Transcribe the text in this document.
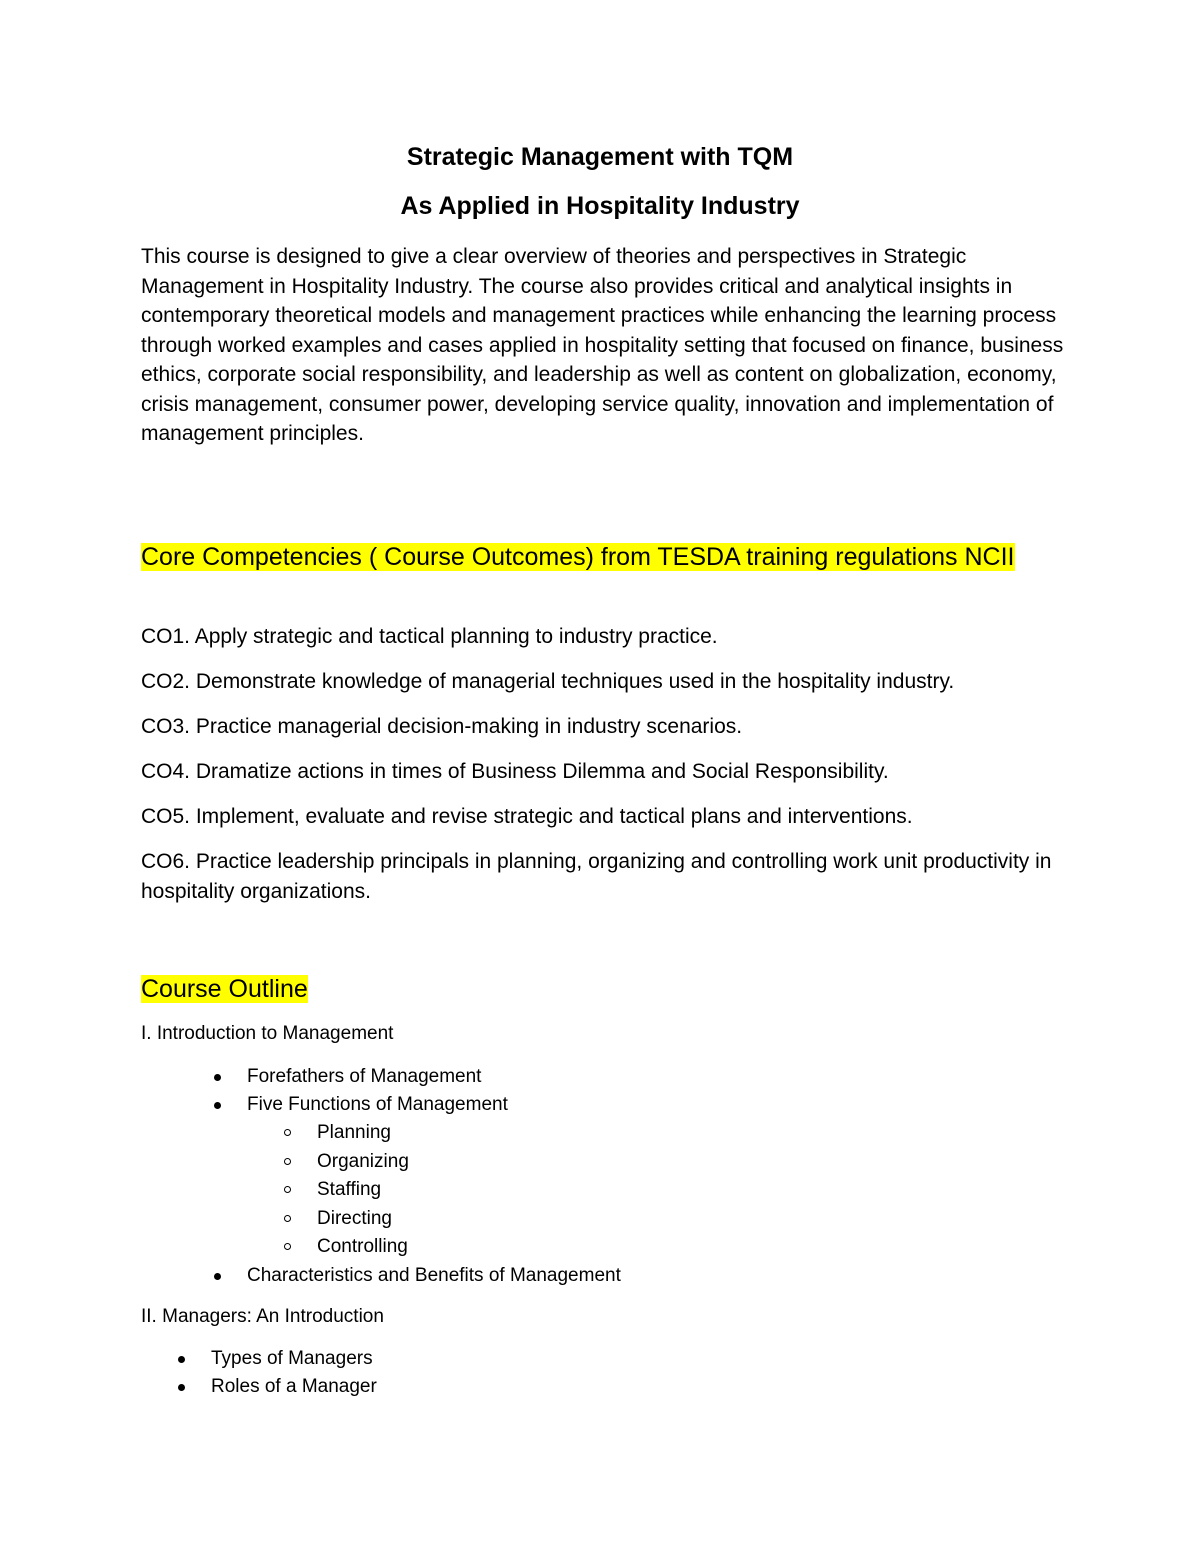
Strategic Management with TQM
As Applied in Hospitality Industry

This course is designed to give a clear overview of theories and perspectives in Strategic Management in Hospitality Industry. The course also provides critical and analytical insights in contemporary theoretical models and management practices while enhancing the learning process through worked examples and cases applied in hospitality setting that focused on finance, business ethics, corporate social responsibility, and leadership as well as content on globalization, economy, crisis management, consumer power, developing service quality, innovation and implementation of management principles.

Core Competencies ( Course Outcomes) from TESDA training regulations NCII
CO1. Apply strategic and tactical planning to industry practice.
CO2. Demonstrate knowledge of managerial techniques used in the hospitality industry.
CO3. Practice managerial decision-making in industry scenarios.
CO4. Dramatize actions in times of Business Dilemma and Social Responsibility.
CO5. Implement, evaluate and revise strategic and tactical plans and interventions.
CO6. Practice leadership principals in planning, organizing and controlling work unit productivity in hospitality organizations.
Course Outline

I. Introduction to Management

Forefathers of Management
Five Functions of Management
Planning
Organizing
Staffing
Directing
Controlling
Characteristics and Benefits of Management

II. Managers: An Introduction

Types of Managers
Roles of a Manager
